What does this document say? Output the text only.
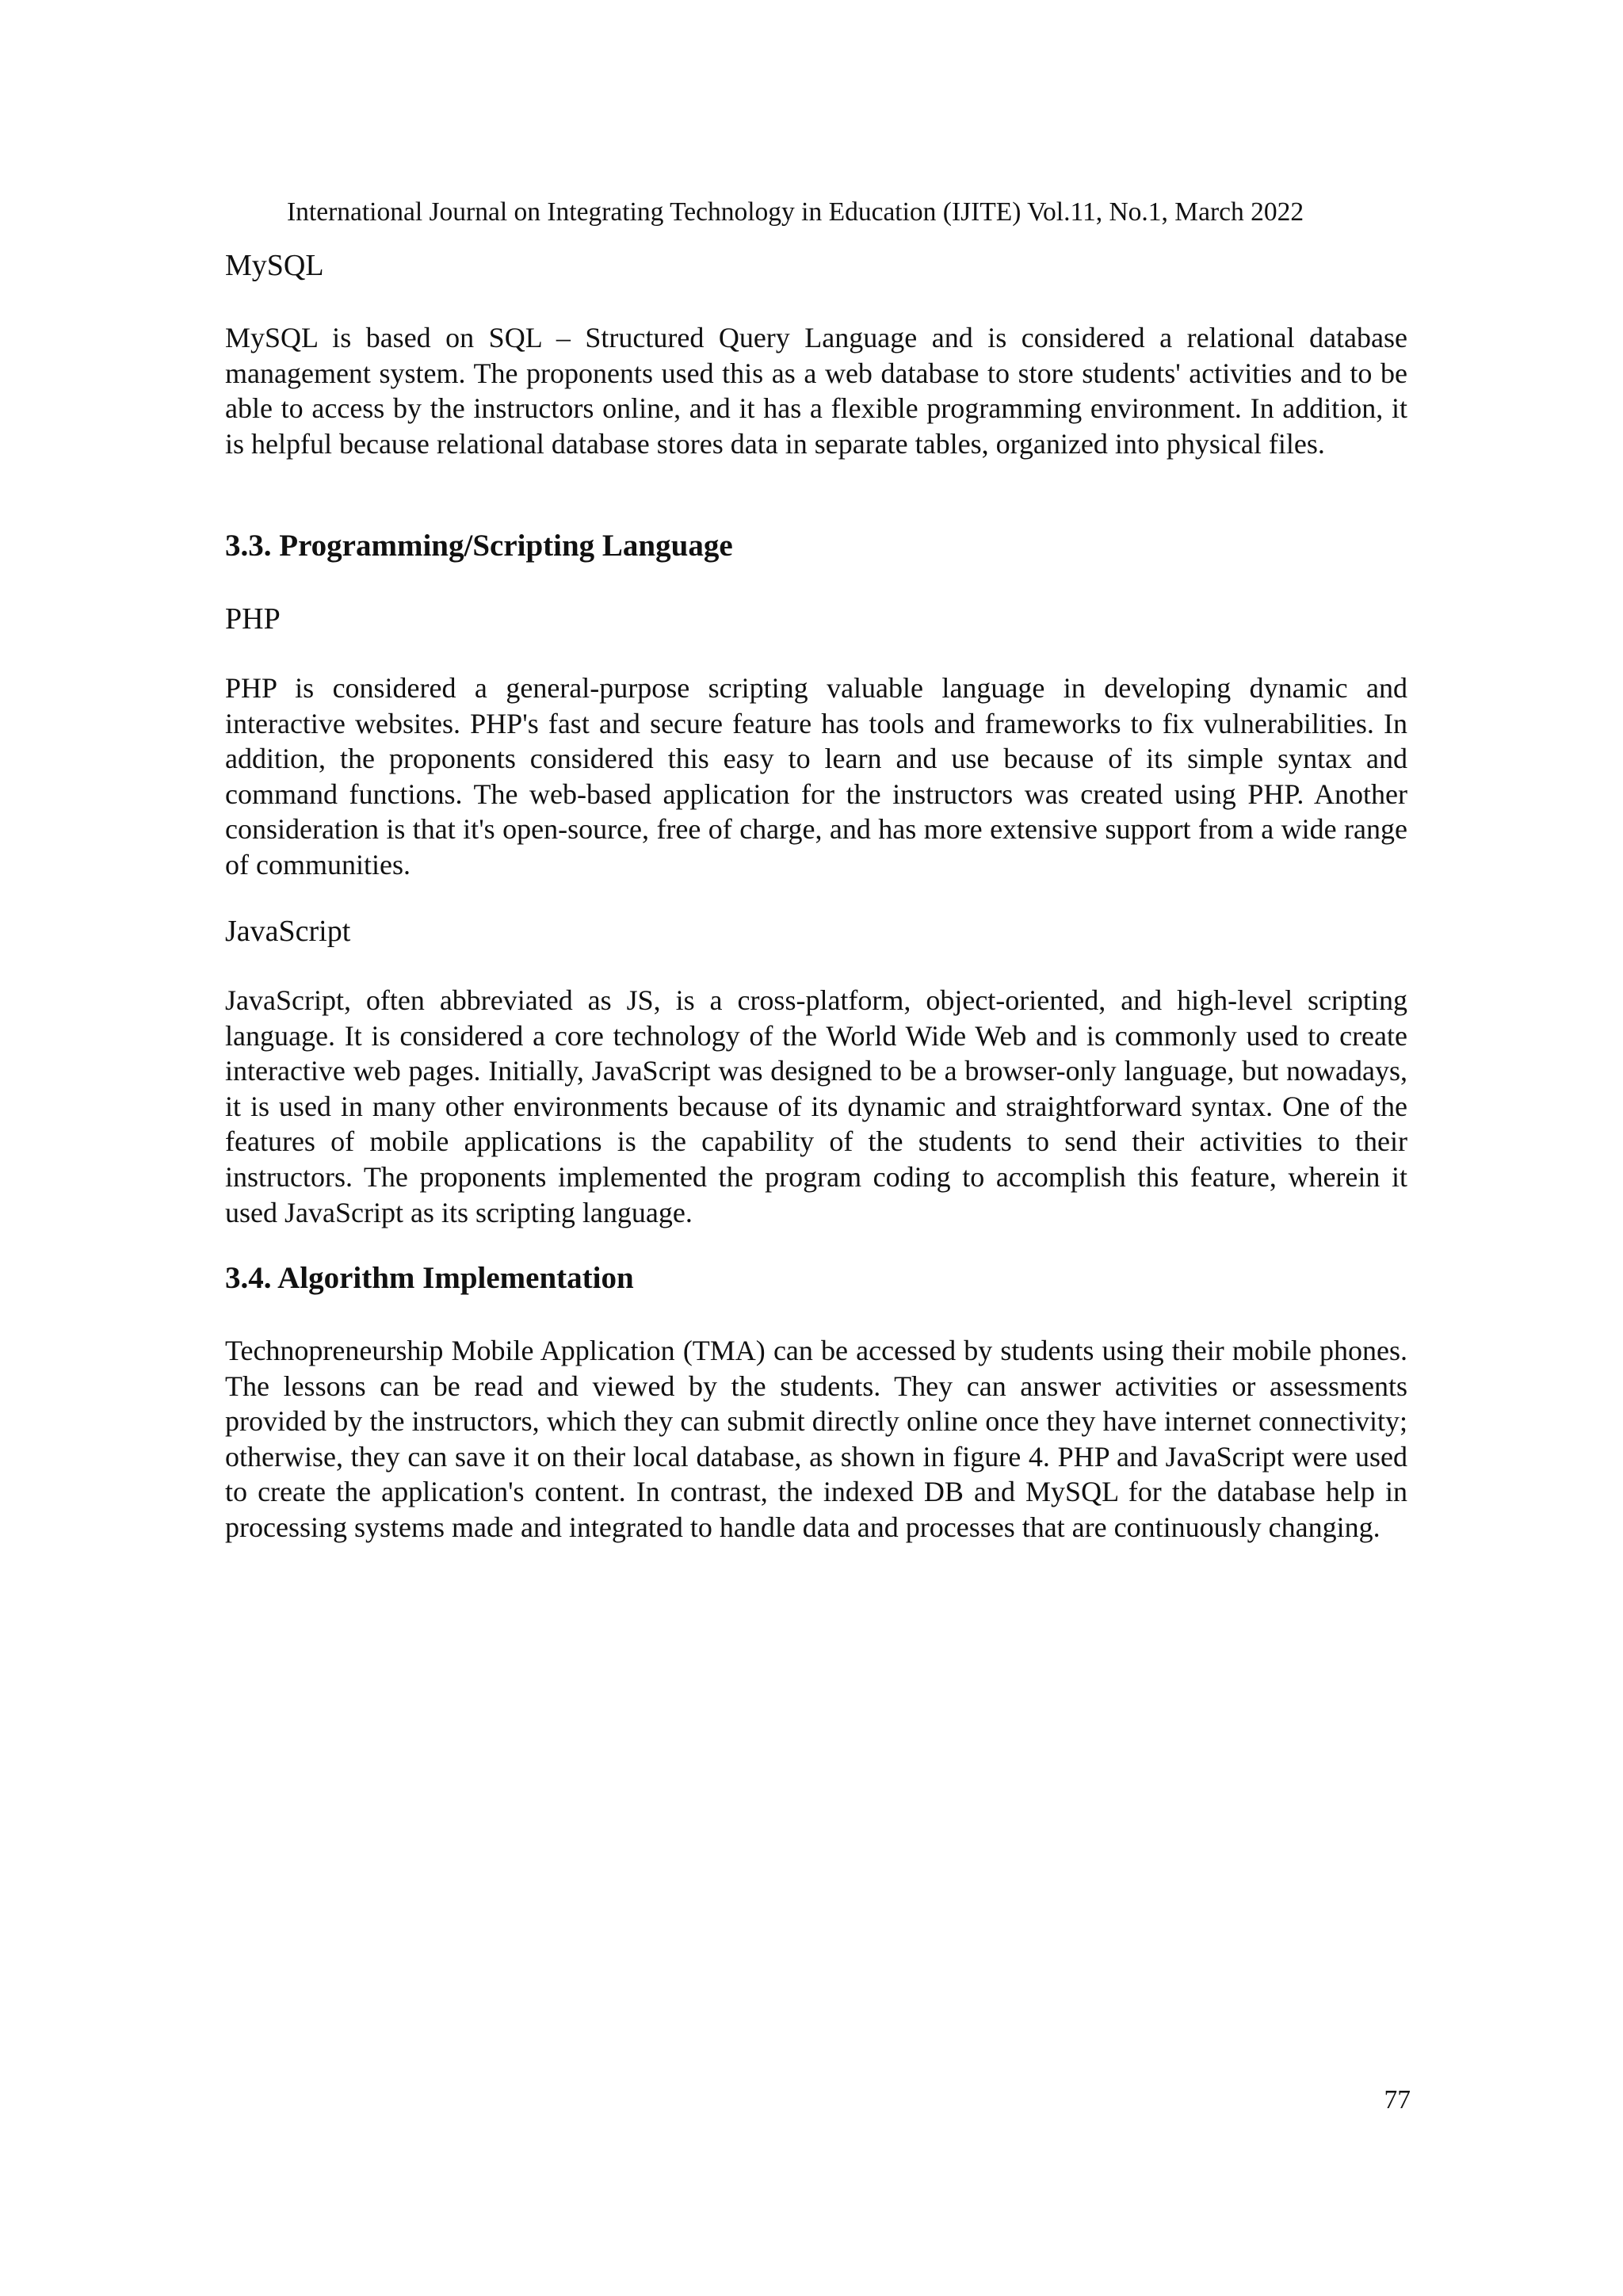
International Journal on Integrating Technology in Education (IJITE) Vol.11, No.1, March 2022

MySQL

MySQL is based on SQL – Structured Query Language and is considered a relational database management system. The proponents used this as a web database to store students' activities and to be able to access by the instructors online, and it has a flexible programming environment. In addition, it is helpful because relational database stores data in separate tables, organized into physical files.

3.3. Programming/Scripting Language

PHP

PHP is considered a general-purpose scripting valuable language in developing dynamic and interactive websites. PHP's fast and secure feature has tools and frameworks to fix vulnerabilities. In addition, the proponents considered this easy to learn and use because of its simple syntax and command functions. The web-based application for the instructors was created using PHP. Another consideration is that it's open-source, free of charge, and has more extensive support from a wide range of communities.

JavaScript

JavaScript, often abbreviated as JS, is a cross-platform, object-oriented, and high-level scripting language. It is considered a core technology of the World Wide Web and is commonly used to create interactive web pages. Initially, JavaScript was designed to be a browser-only language, but nowadays, it is used in many other environments because of its dynamic and straightforward syntax. One of the features of mobile applications is the capability of the students to send their activities to their instructors. The proponents implemented the program coding to accomplish this feature, wherein it used JavaScript as its scripting language.

3.4. Algorithm Implementation

Technopreneurship Mobile Application (TMA) can be accessed by students using their mobile phones. The lessons can be read and viewed by the students. They can answer activities or assessments provided by the instructors, which they can submit directly online once they have internet connectivity; otherwise, they can save it on their local database, as shown in figure 4. PHP and JavaScript were used to create the application's content. In contrast, the indexed DB and MySQL for the database help in processing systems made and integrated to handle data and processes that are continuously changing.

77
